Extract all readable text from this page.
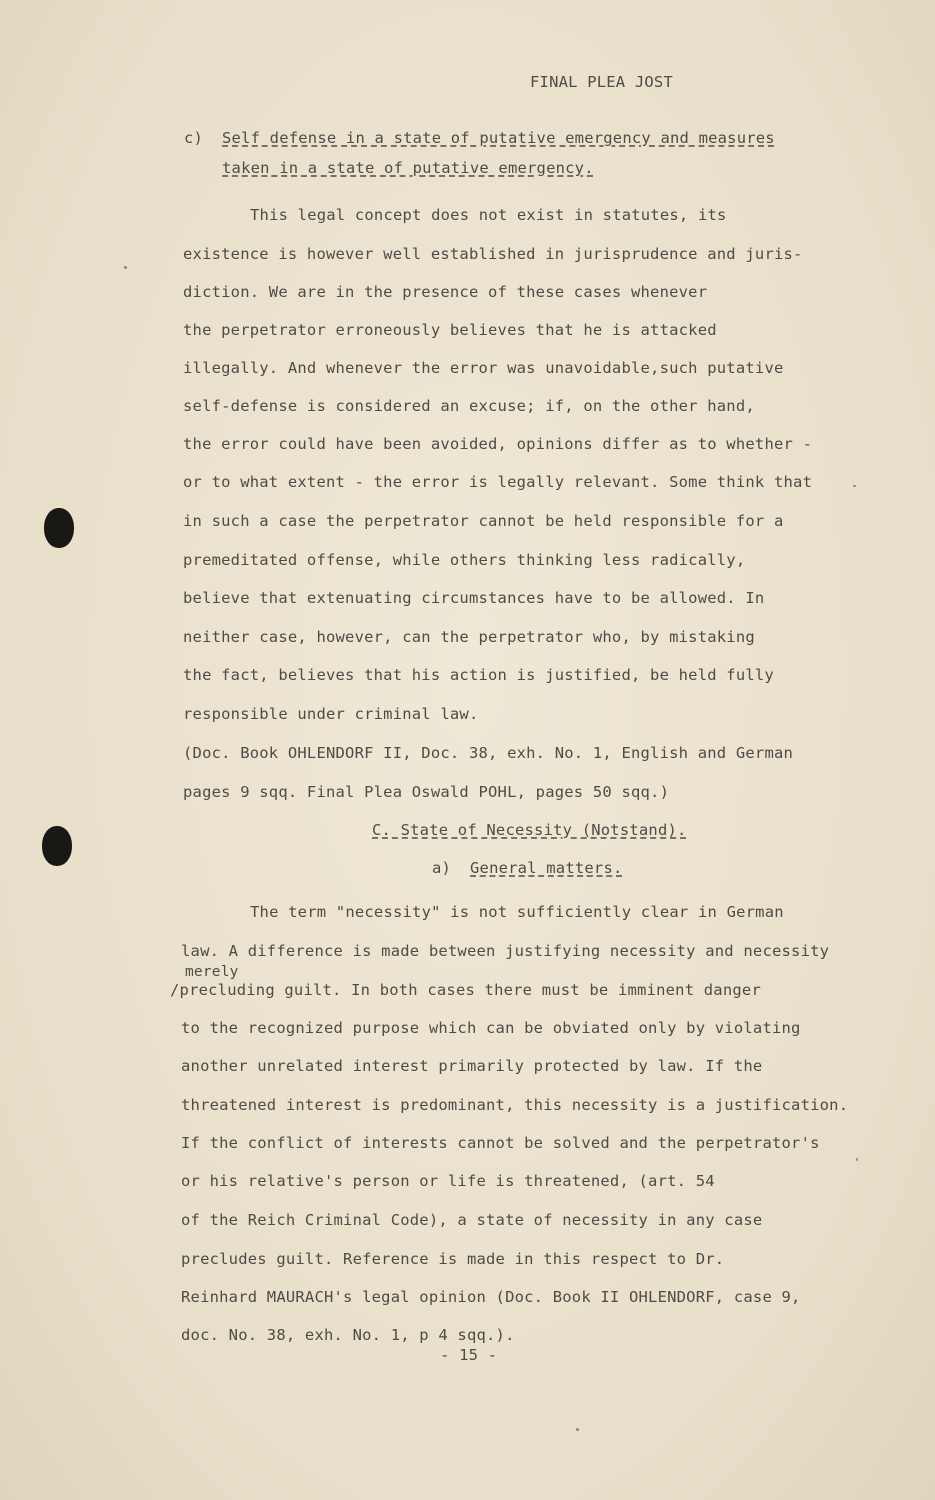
FINAL PLEA JOST
c) Self defense in a state of putative emergency and measures
taken in a state of putative emergency.
This legal concept does not exist in statutes, its
existence is however well established in jurisprudence and juris-
diction. We are in the presence of these cases whenever
the perpetrator erroneously believes that he is attacked
illegally. And whenever the error was unavoidable,such putative
self-defense is considered an excuse; if, on the other hand,
the error could have been avoided, opinions differ as to whether -
or to what extent - the error is legally relevant. Some think that
in such a case the perpetrator cannot be held responsible for a
premeditated offense, while others thinking less radically,
believe that extenuating circumstances have to be allowed. In
neither case, however, can the perpetrator who, by mistaking
the fact, believes that his action is justified, be held fully
responsible under criminal law.
(Doc. Book OHLENDORF II, Doc. 38, exh. No. 1, English and German
pages 9 sqq. Final Plea Oswald POHL, pages 50 sqq.)
C. State of Necessity (Notstand).
a) General matters.
The term "necessity" is not sufficiently clear in German
law. A difference is made between justifying necessity and necessity
merely
/precluding guilt. In both cases there must be imminent danger
to the recognized purpose which can be obviated only by violating
another unrelated interest primarily protected by law. If the
threatened interest is predominant, this necessity is a justification.
If the conflict of interests cannot be solved and the perpetrator's
or his relative's person or life is threatened, (art. 54
of the Reich Criminal Code), a state of necessity in any case
precludes guilt. Reference is made in this respect to Dr.
Reinhard MAURACH's legal opinion (Doc. Book II OHLENDORF, case 9,
doc. No. 38, exh. No. 1, p 4 sqq.).
- 15 -
